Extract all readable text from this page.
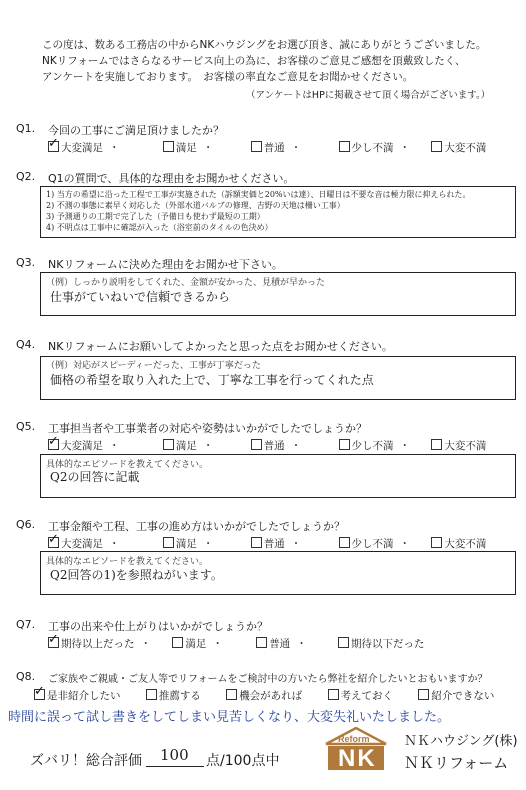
この度は、数ある工務店の中からNKハウジングをお選び頂き、誠にありがとうございました。
NKリフォームではさらなるサービス向上の為に、お客様のご意見ご感想を頂戴致したく、
アンケートを実施しております。　お客様の率直なご意見をお聞かせください。
（アンケートはHPに掲載させて頂く場合がございます。）
Q1. 今回の工事にご満足頂けましたか？
✓大変満足 ・	満足 ・	普通 ・	少し不満 ・	大変不満
Q2. Q1の質問で、具体的な理由をお聞かせください。
1) 当方の希望に沿った工程で工事が実施された（訴額実価と20%いは達）、日曜日は不要な音は極力限に抑えられた。
2) 不測の事態に素早く対応した（外部水道バルブの修理、吉野の天地は柵い工事）
3) 予測通りの工期で完了した（予備日も使わず最短の工期）
4) 不明点は工事中に確認が入った（浴室前のタイルの色決め）
Q3. NKリフォームに決めた理由をお聞かせ下さい。
（例）しっかり説明をしてくれた、金額が安かった、見積が早かった
仕事がていねいで信頼できるから
Q4. NKリフォームにお願いしてよかったと思った点をお聞かせください。
（例）対応がスピーディーだった、工事が丁寧だった
価格の希望を取り入れた上で、丁寧な工事を行ってくれた点
Q5. 工事担当者や工事業者の対応や姿勢はいかがでしたでしょうか？
✓大変満足 ・	満足 ・	普通 ・	少し不満 ・	大変不満
具体的なエピソードを教えてください。
Q2の回答に記載
Q6. 工事金額や工程、工事の進め方はいかがでしたでしょうか？
✓大変満足 ・	満足 ・	普通 ・	少し不満 ・	大変不満
具体的なエピソードを教えてください。
Q2回答の1)を参照ねがいます。
Q7. 工事の出来や仕上がりはいかがでしょうか？
✓期待以上だった ・	満足 ・	普通 ・	期待以下だった
Q8. ご家族やご親戚・ご友人等でリフォームをご検討中の方いたら弊社を紹介したいとおもいますか？
✓是非紹介したい	推薦する	機会があれば	考えておく	紹介できない
時間に誤って試し書きをしてしまい見苦しくなり、大変失礼いたしました。
ズバリ！総合評価 100 点/100点中
Reform
NK
ＮＫハウジング(株)
ＮＫリフォーム
